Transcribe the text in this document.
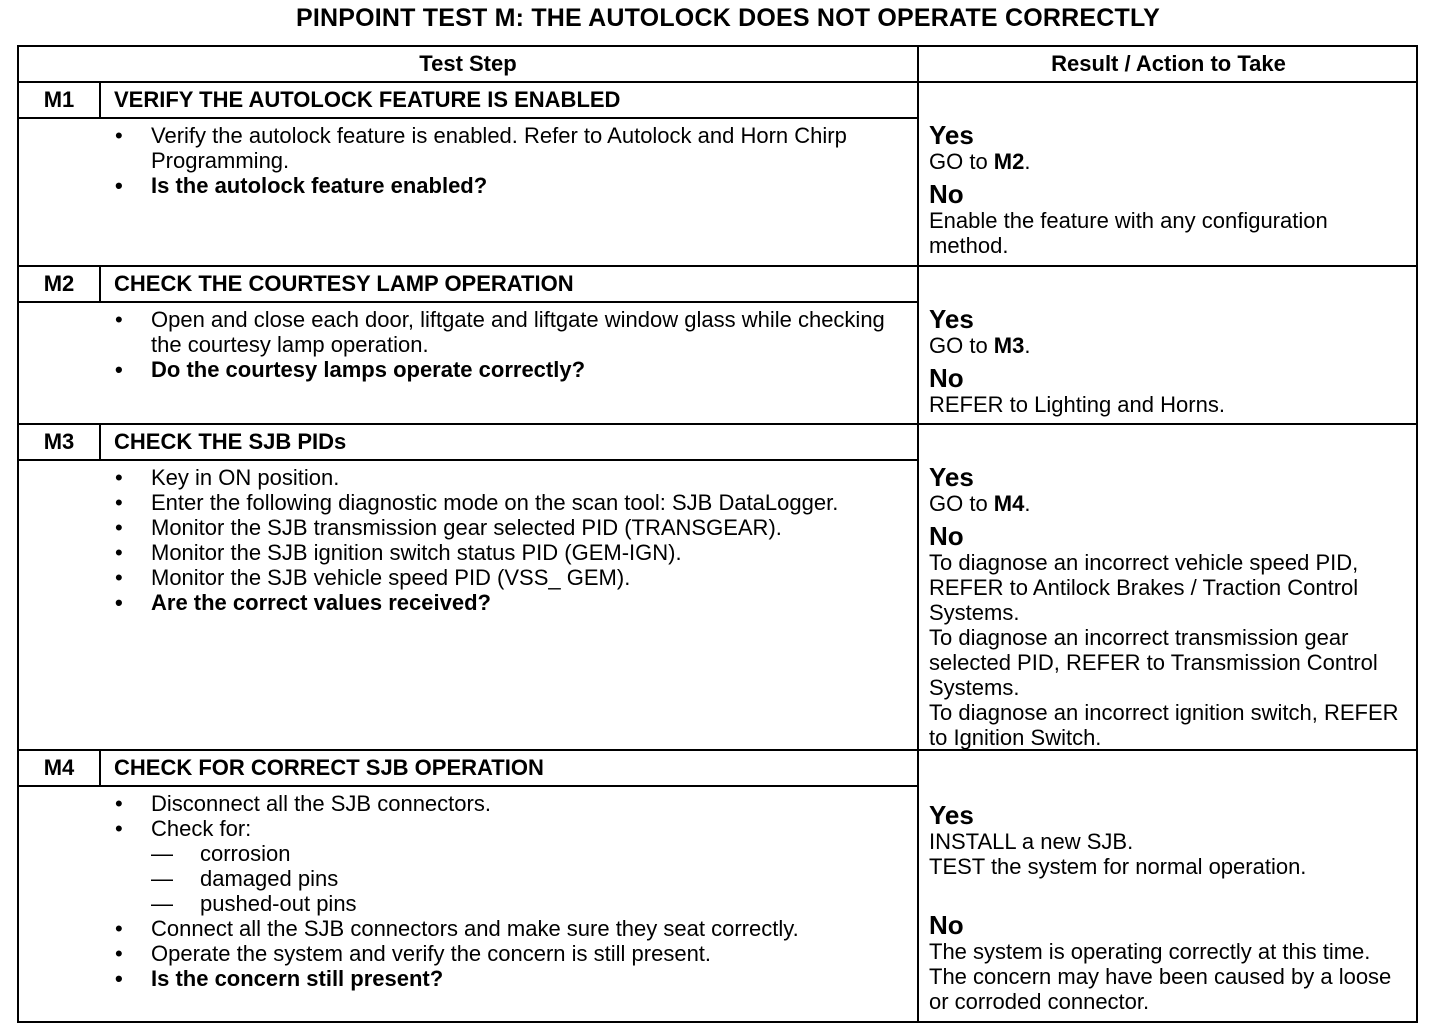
PINPOINT TEST M: THE AUTOLOCK DOES NOT OPERATE CORRECTLY
Test Step	Result / Action to Take
M1	VERIFY THE AUTOLOCK FEATURE IS ENABLED
• Verify the autolock feature is enabled. Refer to Autolock and Horn Chirp Programming.
• Is the autolock feature enabled?
Yes
GO to M2.
No
Enable the feature with any configuration method.
M2	CHECK THE COURTESY LAMP OPERATION
• Open and close each door, liftgate and liftgate window glass while checking the courtesy lamp operation.
• Do the courtesy lamps operate correctly?
Yes
GO to M3.
No
REFER to Lighting and Horns.
M3	CHECK THE SJB PIDs
• Key in ON position.
• Enter the following diagnostic mode on the scan tool: SJB DataLogger.
• Monitor the SJB transmission gear selected PID (TRANSGEAR).
• Monitor the SJB ignition switch status PID (GEM-IGN).
• Monitor the SJB vehicle speed PID (VSS_ GEM).
• Are the correct values received?
Yes
GO to M4.
No
To diagnose an incorrect vehicle speed PID, REFER to Antilock Brakes / Traction Control Systems.
To diagnose an incorrect transmission gear selected PID, REFER to Transmission Control Systems.
To diagnose an incorrect ignition switch, REFER to Ignition Switch.
M4	CHECK FOR CORRECT SJB OPERATION
• Disconnect all the SJB connectors.
• Check for:
— corrosion
— damaged pins
— pushed-out pins
• Connect all the SJB connectors and make sure they seat correctly.
• Operate the system and verify the concern is still present.
• Is the concern still present?
Yes
INSTALL a new SJB.
TEST the system for normal operation.
No
The system is operating correctly at this time. The concern may have been caused by a loose or corroded connector.
